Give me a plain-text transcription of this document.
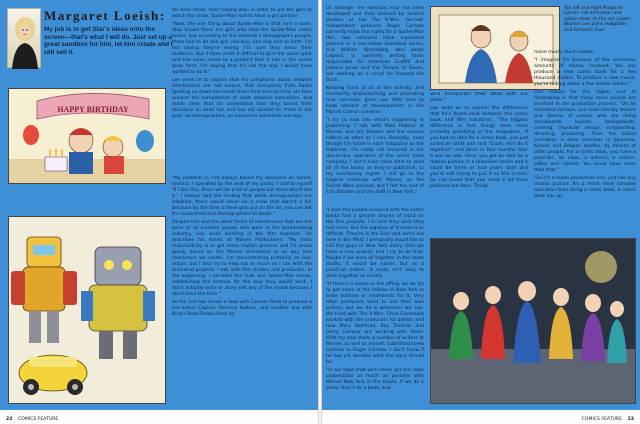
Margaret Loeish:
My job is to get Star's ideas onto the screen—that's what I will do. Just set up a great sandbox for him, let him create and I will sell it.
HAPPY BIRTHDAY

for each show. Their feeling was, in order to get the girls to watch the show, Spider-Man had to have a girl partner.

"Now, the one thing about Spider-Man is that he's a loner. Stan knows there are girls who read the Spider-Man comic books, but according to the network's demographic people, there had to be one girl, one boy, one dog and so forth. I'm not saying they're wrong. I'm sure they know their audience. But it does make it difficult to give the same spirit and the same sense to a product that it has in the comic book form. I'm saying that it's not the way I would have wanted to do it."

Lee went on to explain that his complaints about network interference are not unique, that everybody from Aaron Spelling on down has made them from time to time. He then praised the competence of most network executives, and made clear that he understood how they based their decisions on what has and has not worked for them in the past, on demographics, on consumer advertiser surveys.

"My problem is, I've always based my decisions on hunch, instinct. I operated by the seat of my pants. I said to myself 'If I like this, there will be a lot of people out there who'll like it.' I always had the feeling that while demographics are infallible, there would never be a show that wasn't a hit. Because by the time a show gets put on the air, you can bet it's researched and demographied to death."

Despite this and the other forms of interference that are the bane of all creative people who work in the broadcasting industry, Lee loves working in the film business. He describes his duties at Marvel Productions: "My main responsibility is to get some motion pictures and TV series going, based on the Marvel characters or on any new characters we create. I'm concentrating primarily on live-action, but I also try to help out as much as I can with the animated projects. I talk with film studios and producers. In the beginning, I narrated the Hulk and Spider-Man shows, establishing the formula for the way they would work. I don't actually write or story edit any of the shows because I don't have the time."

So far, Lee has struck a deal with Cannon Films to produce a live-action Captain America feature, and another one with King's Road Productions for

22 COMICS FEATURE

Dr. Strange: The Fantastic Four has been developed and then shelved by several studios, as has The X-Men. Farmed: Independent producer Roger Corman currently holds the rights for a Spider-Man film, two networks have expressed interest in a live-action Daredevil series, and William Hjortsberg, who wrote Legend, is currently writing team responsible for American Graffiti and Indiana Jones and the Temple of Doom, are working on a script for Howard the Duck.

Keeping track of all of this activity, and constantly brainstorming and promoting new concepts, gives Lee little time to keep abreast of developments in the Marvel Comics universe.

"I try to look into what's happening in publishing. I talk with Mike Hobson at Marvel, and Jim Shooter and the various editors as often as I can. Basically, even though I'm listed in each magazine as the Publisher, I'm really not involved in the day-to-day operation of the comic book company. I don't even have time to read all of the books as they're published, to my everlasting regret. I still go to the original meetings with Marvel, on the Secret Wars concept, but I felt the rest of it to Shooter and the staff in New York."

"I wish the people involved with the comic books had a greater degree of input on the film projects. I'm sure they wish they had more. But the logistics of it make it so difficult. They're in the East and we're out here in the West. I personally would like to call the guys in New York every time we have a new project, and I try to do that. Maybe if we were all together in the same studio, it would be easier, but as a practical matter, it really isn't easy to work together as closely.

"If there's a movie in the offing, we do try to get some of the fellows in New York to write outlines or treatments for it. Very often producers want to use their own writers, but we do it whenever we can. We tried with The X-Men. Chris Claremont worked with the producers for awhile, and now Marv Wolfman, Roy Thomas and Gerry Conway are working with them. With my new show, a number of writers at Marvel, as well as myself, submitted some outlines to Roger Corman. I don't know if he has yet decided what the story should be.

"In our hope that we'll never get too close cooperation as much as possible with Marvel New York in the future. If we do a show, they'll do a book, and

Top left and right Margaret Loeish: cell animation and action shots on the set. Lower: Blanton Lee plans Hobgoblin and Fantastic Four.

we'll incorporate their ideas with our ideas."

Lee went on to explain the differences that he's found exist between the comic book and film industries. "The biggest difference is that things were more instantly gratifying in the magazines. If you had an idea for a comic book, you just called an artist and said 'Crash, let's do it together!' and three or four months later it was on sale. Here, you get an idea for a motion picture or a television series and it could be three or four years later and you're still trying to put it on the screen. So I've found that you need a lot more patience out here. Things

move much, much slower.

"I imagine it's because of the enormous amounts of money involved. You can produce a new comic book for a few thousand dollars. To produce a new movie, you're talking about a few million dollars."

One reason for the higher cost of filmmaking is that many more people are involved in the production process. "On an animated cartoon, you have literally dozens and dozens of people who are doing storyboards, layouts, backgrounds, coloring, character design, scriptwriting, directing, producing. Then the actual animation is done overseas in Japanese, Korean and Belgian studios, by dozens of other people. For a comic book, you have a penciller, an inker, a letterer, a colorer, editor and colorist. You never have more than that."

"So it's a mean production line, just like any motion picture. It's a much more complex operation than doing a comic book. A comic book has ap-

COMICS FEATURE 23
